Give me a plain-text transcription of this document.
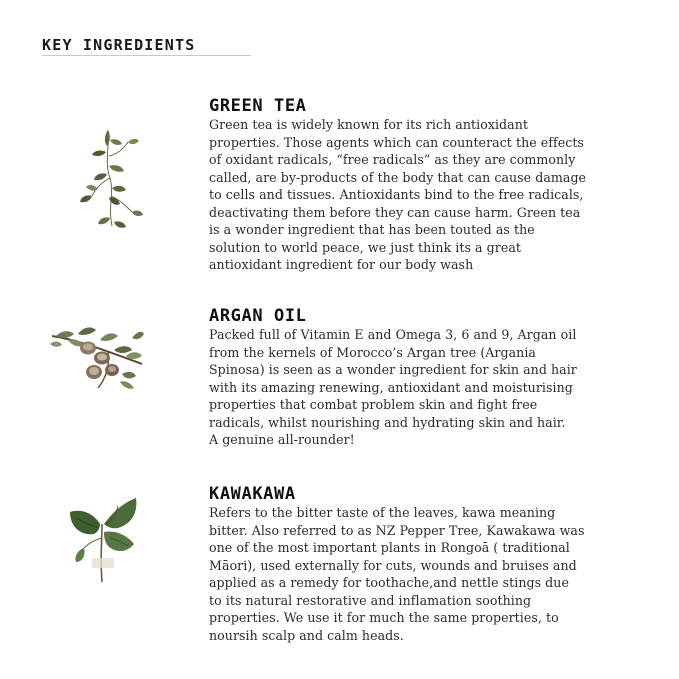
KEY INGREDIENTS
GREEN TEA
Green tea is widely known for its rich antioxidant
properties. Those agents which can counteract the effects
of oxidant radicals, “free radicals” as they are commonly
called, are by-products of the body that can cause damage
to cells and tissues. Antioxidants bind to the free radicals,
deactivating them before they can cause harm. Green tea
is a wonder ingredient that has been touted as the
solution to world peace, we just think its a great
antioxidant ingredient for our body wash
ARGAN OIL
Packed full of Vitamin E and Omega 3, 6 and 9, Argan oil
from the kernels of Morocco’s Argan tree (Argania
Spinosa) is seen as a wonder ingredient for skin and hair
with its amazing renewing, antioxidant and moisturising
properties that combat problem skin and fight free
radicals, whilst nourishing and hydrating skin and hair.
A genuine all-rounder!
KAWAKAWA
Refers to the bitter taste of the leaves, kawa meaning
bitter. Also referred to as NZ Pepper Tree, Kawakawa was
one of the most important plants in Rongoā ( traditional
Māori), used externally for cuts, wounds and bruises and
applied as a remedy for toothache,and nettle stings due
to its natural restorative and inflamation soothing
properties. We use it for much the same properties, to
noursih scalp and calm heads.
